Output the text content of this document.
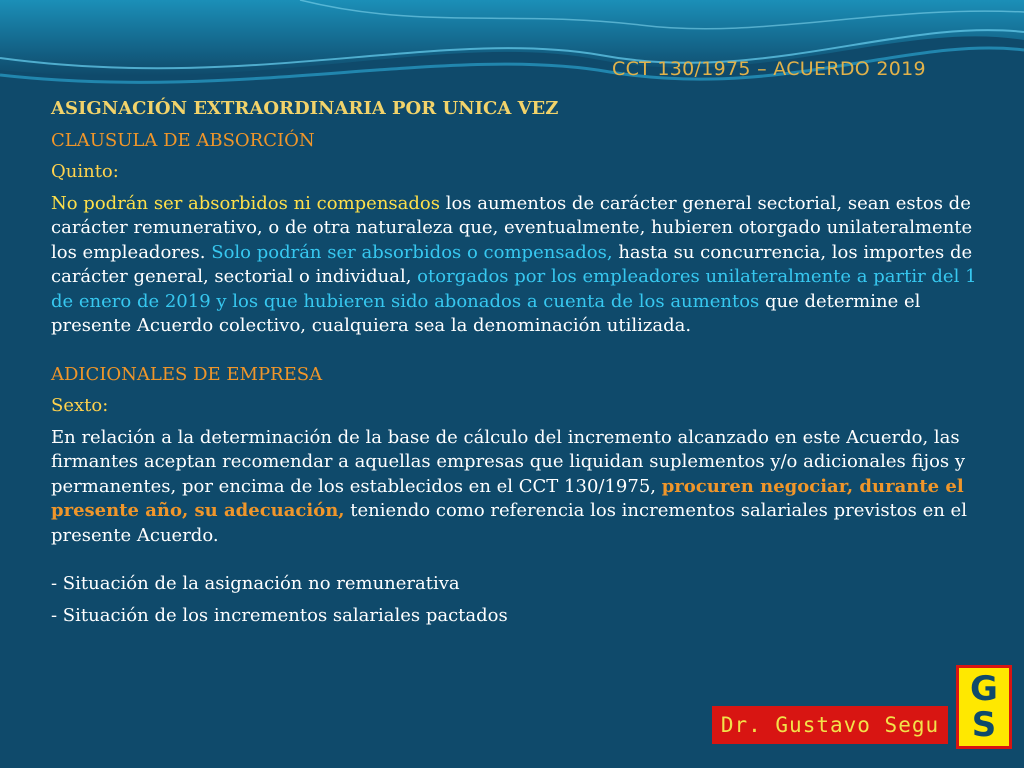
CCT 130/1975 – ACUERDO 2019

ASIGNACIÓN EXTRAORDINARIA POR UNICA VEZ

CLAUSULA DE ABSORCIÓN

Quinto:

No podrán ser absorbidos ni compensados los aumentos de carácter general sectorial, sean estos de carácter remunerativo, o de otra naturaleza que, eventualmente, hubieren otorgado unilateralmente los empleadores. Solo podrán ser absorbidos o compensados, hasta su concurrencia, los importes de carácter general, sectorial o individual, otorgados por los empleadores unilateralmente a partir del 1 de enero de 2019 y los que hubieren sido abonados a cuenta de los aumentos que determine el presente Acuerdo colectivo, cualquiera sea la denominación utilizada.

ADICIONALES DE EMPRESA

Sexto:

En relación a la determinación de la base de cálculo del incremento alcanzado en este Acuerdo, las firmantes aceptan recomendar a aquellas empresas que liquidan suplementos y/o adicionales fijos y permanentes, por encima de los establecidos en el CCT 130/1975, procuren negociar, durante el presente año, su adecuación, teniendo como referencia los incrementos salariales previstos en el presente Acuerdo.

- Situación de la asignación no remunerativa

- Situación de los incrementos salariales pactados

Dr. Gustavo Segu
G
S
